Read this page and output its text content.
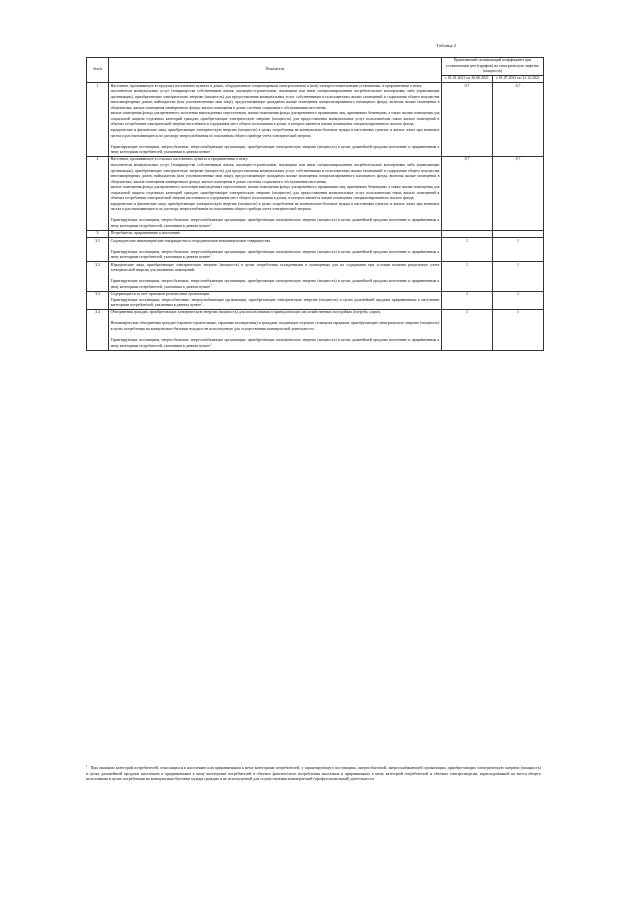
Таблица 2
№п/п	Показатель	Применяемый понижающий коэффициент при установлении цен (тарифов) на электрическую энергию (мощность)	
		с 01.01.2021 по 30.06.2021	с 01.07.2021 по 31.12.2021
1	Население, проживающее в городских населенных пунктах в домах, оборудованных стационарными электроплитами и (или) электроотопительными установками, и приравненные к нему:

исполнители коммунальных услуг (товарищества собственников жилья, жилищно-строительные, жилищные или иные специализированные потребительские кооперативы либо управляющие организации), приобретающие электрическую энергию (мощность) для предоставления коммунальных услуг собственникам и пользователям жилых помещений и содержания общего имущества многоквартирных домов; наймодатели (или уполномоченные ими лица), предоставляющие гражданам жилые помещения специализированного жилищного фонда, включая жилые помещения в общежитиях, жилые помещения маневренного фонда, жилые помещения в домах системы социального обслуживания населения,

жилые помещения фонда для временного поселения вынужденных переселенцев, жилые помещения фонда для временного проживания лиц, признанных беженцами, а также жилые помещения для социальной защиты отдельных категорий граждан, приобретающие электрическую энергию (мощность) для предоставления коммунальных услуг пользователям таких жилых помещений в объемах потребления электрической энергии населением и содержания мест общего пользования в домах, в которых имеются жилые помещения специализированного жилого фонда;

юридические и физические лица, приобретающие электрическую энергию (мощность) в целях потребления на коммунально-бытовые нужды в населенных пунктах и жилых зонах при воинских частях и рассчитывающиеся по договору энергоснабжения по показаниям общего прибора учета электрической энергии.

Гарантирующие поставщики, энергосбытовые, энергоснабжающие организации, приобретающие электрическую энергию (мощность) в целях дальнейшей продажи населению и приравненным к нему категориям потребителей, указанным в данном пункте$^1$.	0,7	0,7
2	Население, проживающее в сельских населенных пунктах и приравненные к нему:

исполнители коммунальных услуг (товарищества собственников жилья, жилищно-строительные, жилищные или иные специализированные потребительские кооперативы либо управляющие организации), приобретающие электрическую энергию (мощность) для предоставления коммунальных услуг собственникам и пользователям жилых помещений и содержания общего имущества многоквартирных домов; наймодатели (или уполномоченные ими лица), предоставляющие гражданам жилые помещения специализированного жилищного фонда, включая жилые помещения в общежитиях, жилые помещения маневренного фонда, жилые помещения в домах системы социального обслуживания населения;

жилые помещения фонда для временного поселения вынужденных переселенцев, жилые помещения фонда для временного проживания лиц, признанных беженцами, а также жилые помещения для социальной защиты отдельных категорий граждан, приобретающие электрическую энергию (мощность) для предоставления коммунальных услуг пользователям таких жилых помещений в объемах потребления электрической энергии населением и содержания мест общего пользования в домах, в которых имеются жилые помещения специализированного жилого фонда;

юридические и физические лица, приобретающие электрическую энергию (мощность) в целях потребления на коммунально-бытовые нужды в населенных пунктах и жилых зонах при воинских частях и рассчитывающиеся по договору энергоснабжения по показаниям общего прибора учета электрической энергии.

Гарантирующие поставщики, энергосбытовые, энергоснабжающие организации, приобретающие электрическую энергию (мощность) в целях дальнейшей продажи населению и приравненным к нему категориям потребителей, указанным в данном пункте$^1$.	0,7	0,7
3	Потребители, приравненные к населению		

3.1	Садоводческие некоммерческие товарищества и огороднические некоммерческие товарищества.

Гарантирующие поставщики, энергосбытовые, энергоснабжающие организации, приобретающие электрическую энергию (мощность) в целях дальнейшей продажи населению и приравненным к нему категориям потребителей, указанным в данном пункте$^1$.	1	1
3.2	Юридические лица, приобретающие электрическую энергию (мощность) в целях потребления осужденными в помещениях для их содержания при условии наличия раздельного учета электрической энергии для указанных помещений.

Гарантирующие поставщики, энергосбытовые, энергоснабжающие организации, приобретающие электрическую энергию (мощность) в целях дальнейшей продажи населению и приравненным к нему категориям потребителей, указанным в данном пункте$^1$.	1	1
3.3	Содержащиеся за счет прихожан религиозные организации.

Гарантирующие поставщики, энергосбытовые, энергоснабжающие организации, приобретающие электрическую энергию (мощность) в целях дальнейшей продажи приравненным к населению категориям потребителей, указанным в данном пункте$^1$.	1	1
3.4	Объединения граждан, приобретающих электрическую энергию (мощность) для использования в принадлежащих им хозяйственных постройках (погреба, сараи).

Некоммерческие объединения граждан (гаражно-строительные, гаражные кооперативы) и граждане, владеющие отдельно стоящими гаражами, приобретающие электрическую энергию (мощность) в целях потребления на коммунально-бытовые нужды и не используемую для осуществления коммерческой деятельности.

Гарантирующие поставщики, энергосбытовые, энергоснабжающие организации, приобретающие электрическую энергию (мощность) в целях дальнейшей продажи населению и приравненным к нему категориям потребителей, указанным в данном пункте$^1$.	1	1

$^1$ При оказании категорий потребителей, относящихся к населению или приравненным к нему категориям потребителей, у гарантирующего поставщика, энергосбытовой, энергоснабжающей организации, приобретающих электрическую энергию (мощность) в целях дальнейшей продажи населению и приравненным к нему категориям потребителей в объемах фактического потребления населения и приравненных к нему категорий потребителей и объемах электроэнергии, израсходованной на места общего пользования в целях потребления на коммунально-бытовые нужды граждан и не используемой для осуществления коммерческой (профессиональной) деятельности.
